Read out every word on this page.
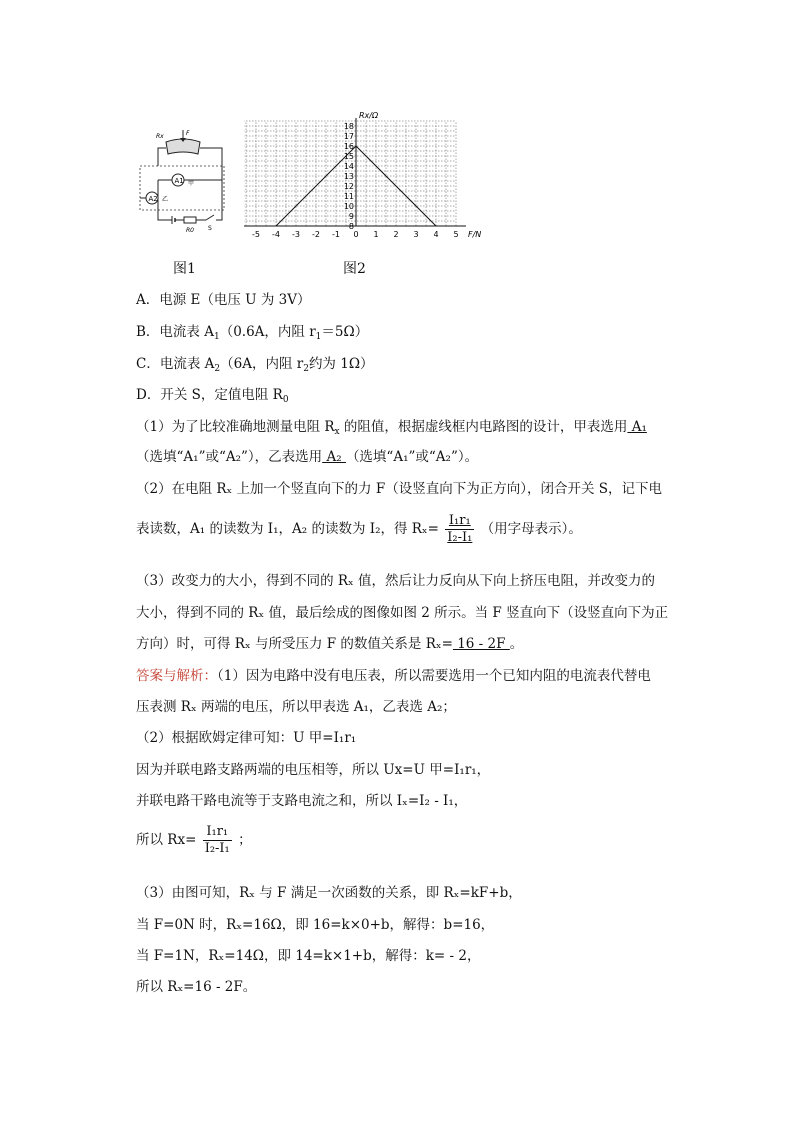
Rx	F
A1 甲
A2 乙
R0 S
-5 -4 -3 -2 -1 0 1 2 3 4 5
8
9
10
11
12
13
14
15
16
17
18
Rx/Ω
F/N
图1	图2
A．电源 E（电压 U 为 3V）
B．电流表 $A_1(0.6A$，内阻 $r_1=5\Omega$）
C．电流表 $A_2(6A$，内阻 $r_2$约为 1Ω）
D．开关 S，定值电阻 $R_0$
（1）为了比较准确地测量电阻 $R_x$ 的阻值，根据虚线框内电路图的设计，甲表选用 A₁
（选填“A₁”或“A₂”），乙表选用 A₂ （选填“A₁”或“A₂”）。
（2）在电阻 Rₓ 上加一个竖直向下的力 F（设竖直向下为正方向），闭合开关 S，记下电
表读数，A₁ 的读数为 I₁，A₂ 的读数为 I₂，得 $R_x= \frac{\text{I₁r₁}}{\text{I₂-I₁}}$ （用字母表示）。
（3）改变力的大小，得到不同的 Rₓ 值，然后让力反向从下向上挤压电阻，并改变力的
大小，得到不同的 Rₓ 值，最后绘成的图像如图 2 所示。当 F 竖直向下（设竖直向下为正
方向）时，可得 Rₓ 与所受压力 F 的数值关系是 Rₓ= 16 - 2F 。
答案与解析：（1）因为电路中没有电压表，所以需要选用一个已知内阻的电流表代替电
压表测 Rₓ 两端的电压，所以甲表选 A₁，乙表选 A₂；
（2）根据欧姆定律可知：U 甲=I₁r₁
因为并联电路支路两端的电压相等，所以 Ux=U 甲=I₁r₁，
并联电路干路电流等于支路电流之和，所以 Iₓ=I₂ - I₁，
所以 $Rx= \frac{\text{I₁r₁}}{\text{I₂-I₁}}$ ；
（3）由图可知，Rₓ 与 F 满足一次函数的关系，即 Rₓ=kF+b，
当 F=0N 时，Rₓ=16Ω，即 16=k×0+b，解得：b=16，
当 F=1N，Rₓ=14Ω，即 14=k×1+b，解得：k= - 2，
所以 Rₓ=16 - 2F。
